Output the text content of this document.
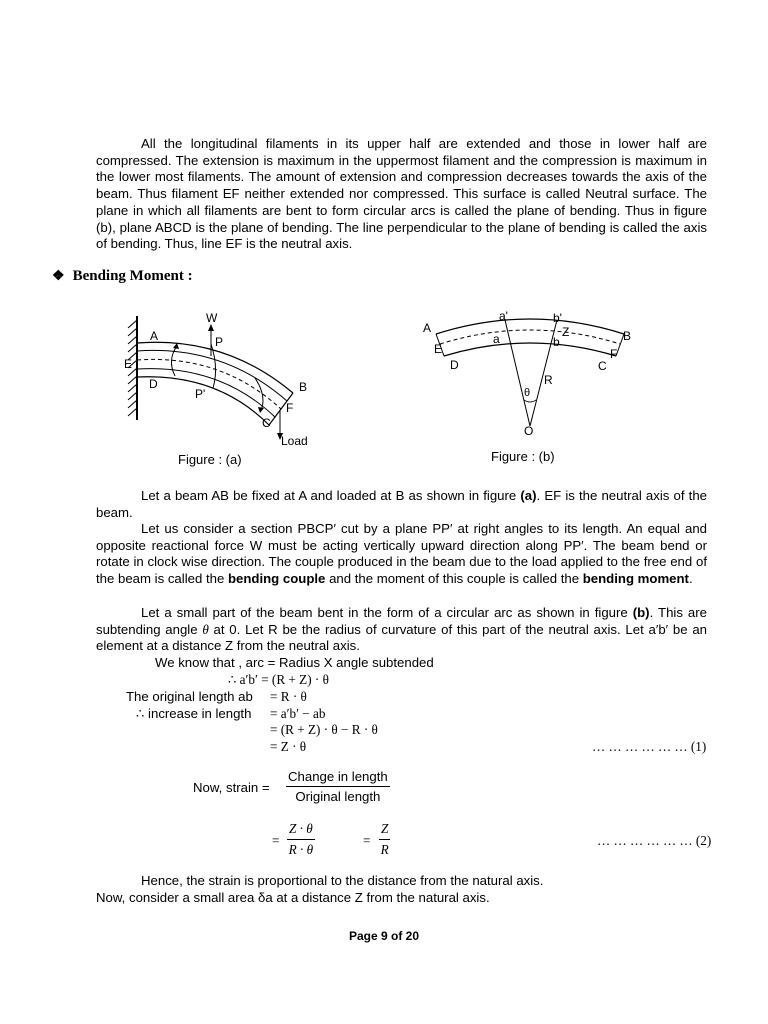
All the longitudinal filaments in its upper half are extended and those in lower half are compressed. The extension is maximum in the uppermost filament and the compression is maximum in the lower most filaments. The amount of extension and compression decreases towards the axis of the beam. Thus filament EF neither extended nor compressed. This surface is called Neutral surface. The plane in which all filaments are bent to form circular arcs is called the plane of bending. Thus in figure (b), plane ABCD is the plane of bending. The line perpendicular to the plane of bending is called the axis of bending. Thus, line EF is the neutral axis.

❖ Bending Moment :
W
A	P
E
D
P'	B
F
C
Load
Figure : (a)
a'	b'
A
E
a	b
Z	B
F
D	C
R
θ
O
Figure : (b)

Let a beam AB be fixed at A and loaded at B as shown in figure (a). EF is the neutral axis of the beam.

Let us consider a section PBCP′ cut by a plane PP′ at right angles to its length. An equal and opposite reactional force W must be acting vertically upward direction along PP′. The beam bend or rotate in clock wise direction. The couple produced in the beam due to the load applied to the free end of the beam is called the bending couple and the moment of this couple is called the bending moment.

Let a small part of the beam bent in the form of a circular arc as shown in figure (b). This are subtending angle θ at 0. Let R be the radius of curvature of this part of the neutral axis. Let a′b′ be an element at a distance Z from the neutral axis.

We know that , arc = Radius X angle subtended
∴ a′b′ = (R + Z) · θ
The original length ab = R · θ
∴ increase in length = a′b′ − ab
= (R + Z) · θ − R · θ
= Z · θ	… … … … … … (1)
Now, strain =
Change in length
Original length
= $\frac{Z \cdot \theta}{R \cdot \theta}$	= $\frac{Z}{R}$	… … … … … … (2)
Hence, the strain is proportional to the distance from the natural axis.
Now, consider a small area δa at a distance Z from the natural axis.
Page 9 of 20
